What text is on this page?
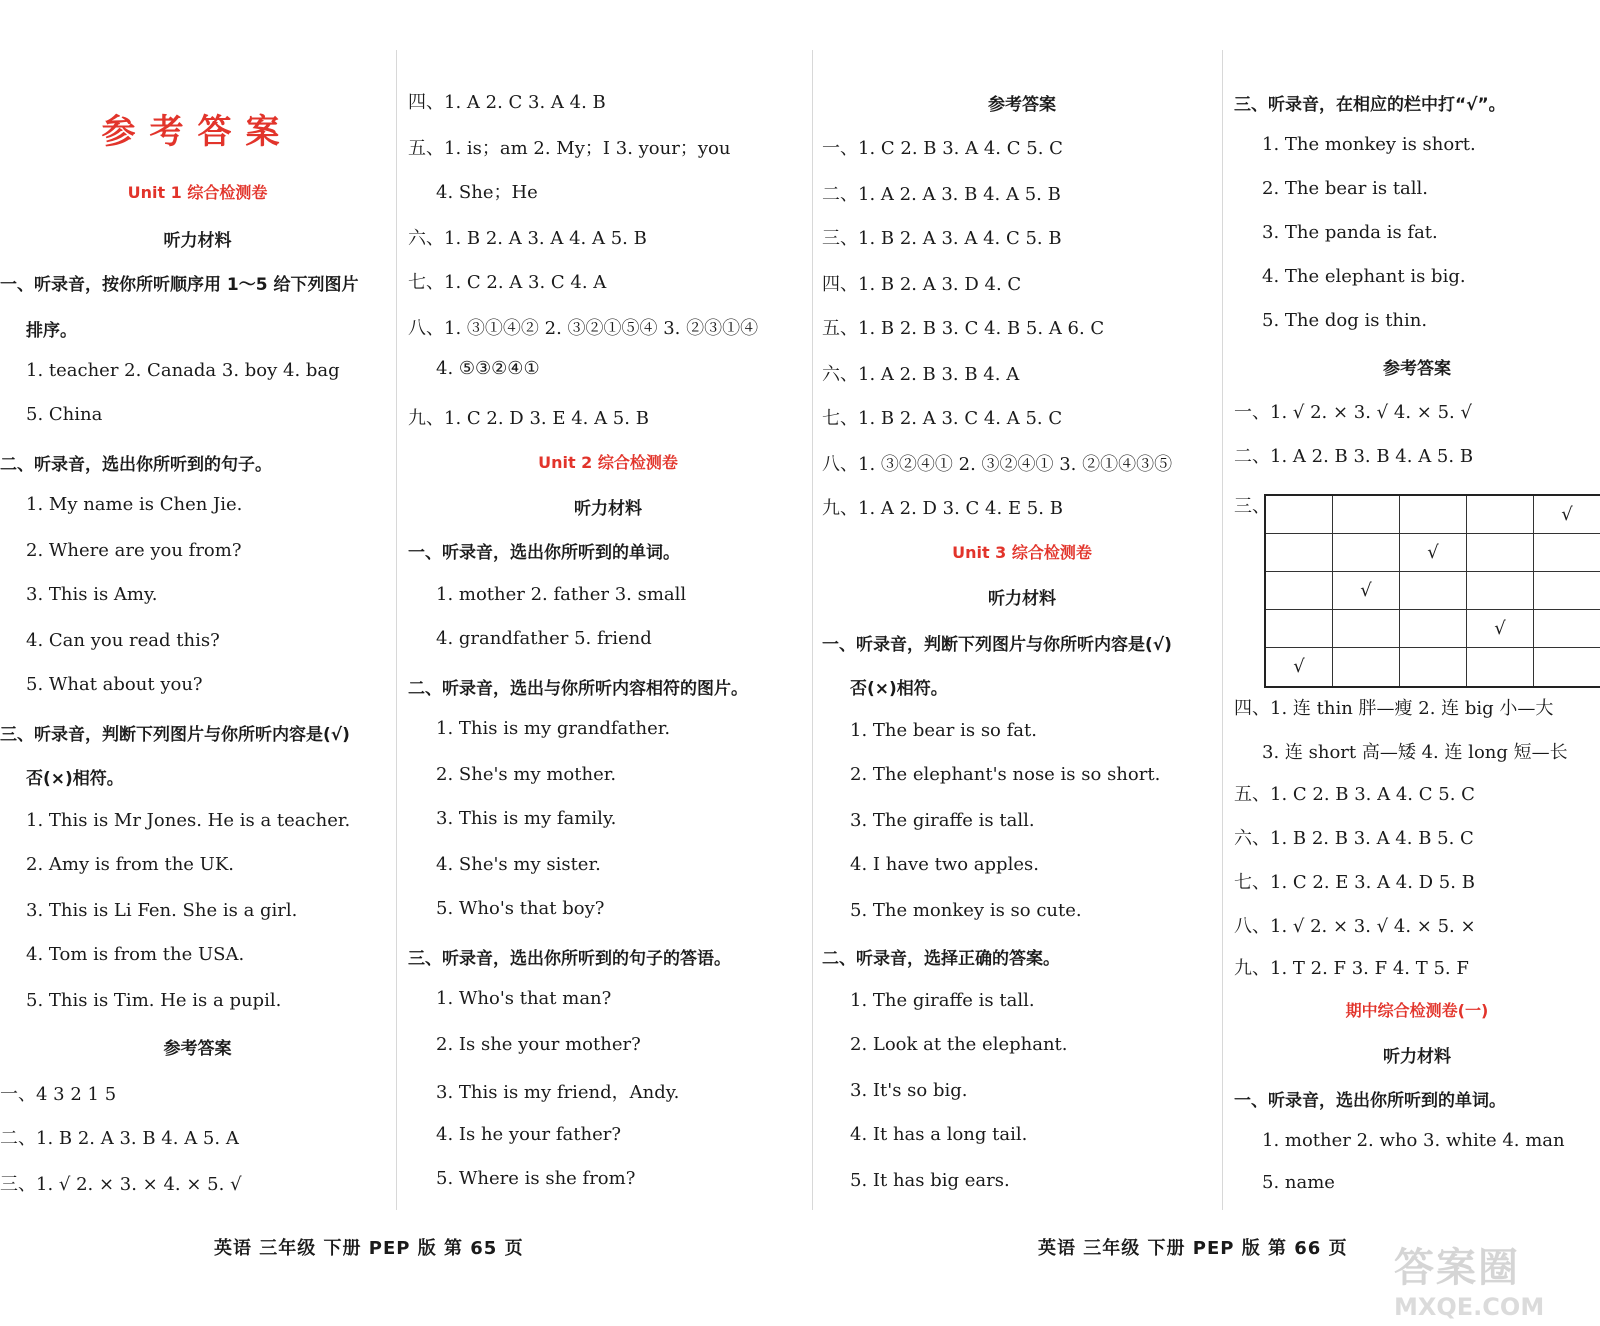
参考答案
Unit 1 综合检测卷
听力材料
一、听录音，按你所听顺序用 1～5 给下列图片
排序。
1. teacher 2. Canada 3. boy 4. bag
5. China
二、听录音，选出你所听到的句子。
1. My name is Chen Jie.
2. Where are you from?
3. This is Amy.
4. Can you read this?
5. What about you?
三、听录音，判断下列图片与你所听内容是(√)
否(×)相符。
1. This is Mr Jones. He is a teacher.
2. Amy is from the UK.
3. This is Li Fen. She is a girl.
4. Tom is from the USA.
5. This is Tim. He is a pupil.
参考答案
一、4 3 2 1 5
二、1. B 2. A 3. B 4. A 5. A
三、1. √ 2. × 3. × 4. × 5. √
四、1. A 2. C 3. A 4. B
五、1. is；am 2. My；I 3. your；you
4. She；He
六、1. B 2. A 3. A 4. A 5. B
七、1. C 2. A 3. C 4. A
八、1. ③①④② 2. ③②①⑤④ 3. ②③①④
4. ⑤③②④①
九、1. C 2. D 3. E 4. A 5. B
Unit 2 综合检测卷
听力材料
一、听录音，选出你所听到的单词。
1. mother 2. father 3. small
4. grandfather 5. friend
二、听录音，选出与你所听内容相符的图片。
1. This is my grandfather.
2. She's my mother.
3. This is my family.
4. She's my sister.
5. Who's that boy?
三、听录音，选出你所听到的句子的答语。
1. Who's that man?
2. Is she your mother?
3. This is my friend，Andy.
4. Is he your father?
5. Where is she from?
参考答案
一、1. C 2. B 3. A 4. C 5. C
二、1. A 2. A 3. B 4. A 5. B
三、1. B 2. A 3. A 4. C 5. B
四、1. B 2. A 3. D 4. C
五、1. B 2. B 3. C 4. B 5. A 6. C
六、1. A 2. B 3. B 4. A
七、1. B 2. A 3. C 4. A 5. C
八、1. ③②④① 2. ③②④① 3. ②①④③⑤
九、1. A 2. D 3. C 4. E 5. B
Unit 3 综合检测卷
听力材料
一、听录音，判断下列图片与你所听内容是(√)
否(×)相符。
1. The bear is so fat.
2. The elephant's nose is so short.
3. The giraffe is tall.
4. I have two apples.
5. The monkey is so cute.
二、听录音，选择正确的答案。
1. The giraffe is tall.
2. Look at the elephant.
3. It's so big.
4. It has a long tail.
5. It has big ears.
三、听录音，在相应的栏中打“√”。
1. The monkey is short.
2. The bear is tall.
3. The panda is fat.
4. The elephant is big.
5. The dog is thin.
参考答案
一、1. √ 2. × 3. √ 4. × 5. √
二、1. A 2. B 3. B 4. A 5. B
三、	√
√
√
√
√
四、1. 连 thin 胖—瘦 2. 连 big 小—大
3. 连 short 高—矮 4. 连 long 短—长
五、1. C 2. B 3. A 4. C 5. C
六、1. B 2. B 3. A 4. B 5. C
七、1. C 2. E 3. A 4. D 5. B
八、1. √ 2. × 3. √ 4. × 5. ×
九、1. T 2. F 3. F 4. T 5. F
期中综合检测卷(一)
听力材料
一、听录音，选出你所听到的单词。
1. mother 2. who 3. white 4. man
5. name
英语 三年级 下册 PEP 版 第 65 页	英语 三年级 下册 PEP 版 第 66 页 答案圈
MXQE.COM
